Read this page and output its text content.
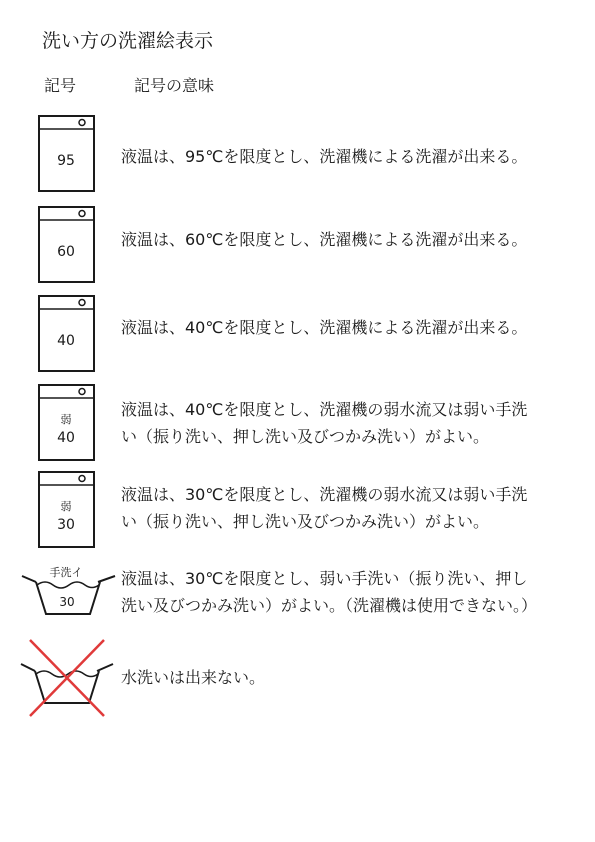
洗い方の洗濯絵表示
記号	記号の意味
95	液温は、95℃を限度とし、洗濯機による洗濯が出来る。
60
液温は、60℃を限度とし、洗濯機による洗濯が出来る。
40
液温は、40℃を限度とし、洗濯機による洗濯が出来る。
弱
40
液温は、40℃を限度とし、洗濯機の弱水流又は弱い手洗
い（振り洗い、押し洗い及びつかみ洗い）がよい。
弱
30
液温は、30℃を限度とし、洗濯機の弱水流又は弱い手洗
い（振り洗い、押し洗い及びつかみ洗い）がよい。
手洗イ
30
液温は、30℃を限度とし、弱い手洗い（振り洗い、押し
洗い及びつかみ洗い）がよい。（洗濯機は使用できない。）
水洗いは出来ない。
